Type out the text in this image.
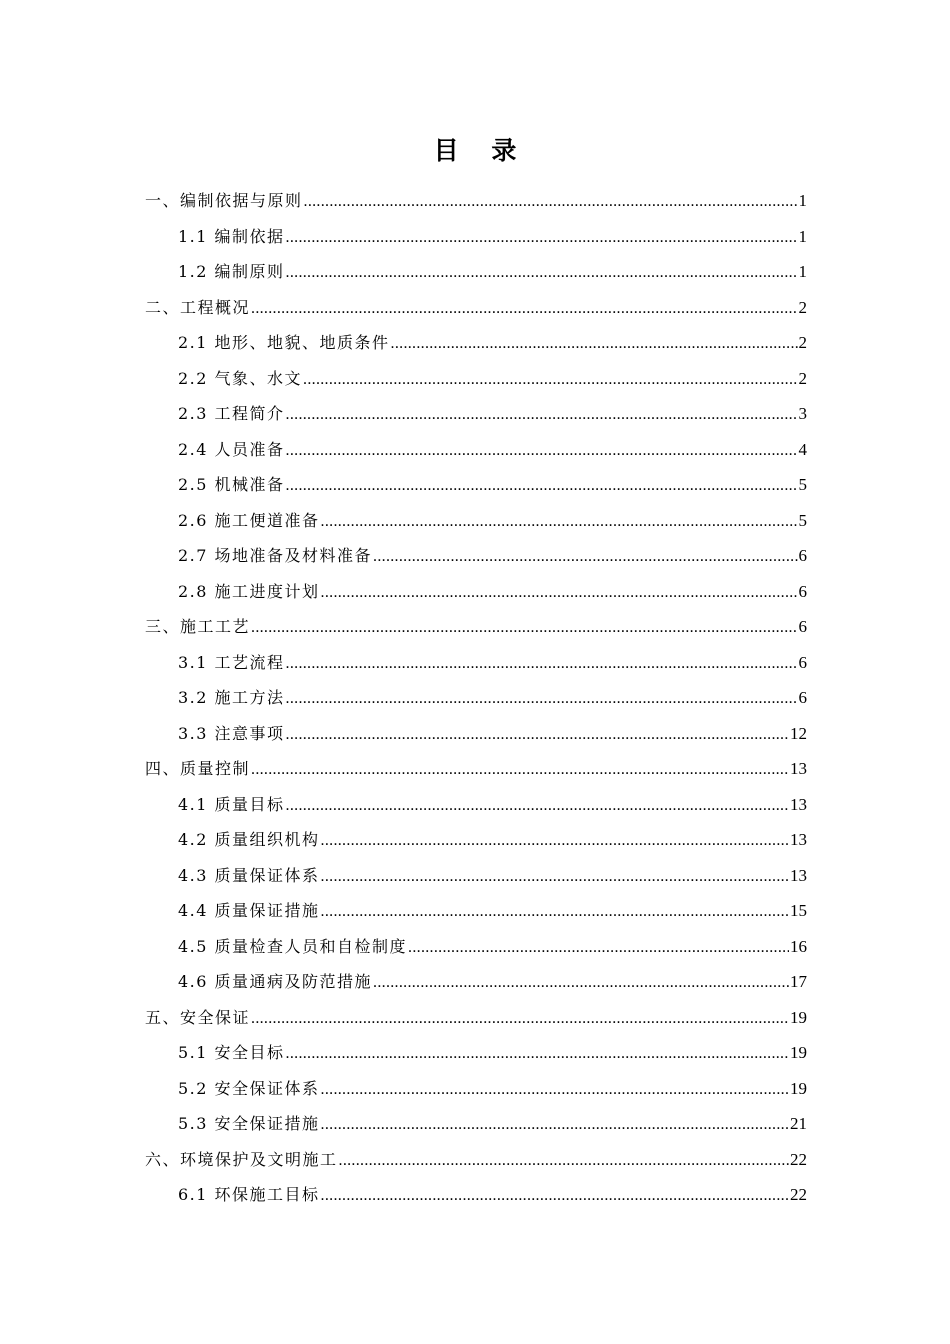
目 录
一、编制依据与原则 .....	1
1.1 编制依据 .....	1
1.2 编制原则 .....	1
二、工程概况 .....	2
2.1 地形、地貌、地质条件 .....	2
2.2 气象、水文 .....	2
2.3 工程简介 .....	3
2.4 人员准备 .....	4
2.5 机械准备 .....	5
2.6 施工便道准备 .....	5
2.7 场地准备及材料准备 .....	6
2.8 施工进度计划 .....	6
三、施工工艺 .....	6
3.1 工艺流程 .....	6
3.2 施工方法 .....	6
3.3 注意事项 .....	12
四、质量控制 .....	13
4.1 质量目标 .....	13
4.2 质量组织机构 .....	13
4.3 质量保证体系 .....	13
4.4 质量保证措施 .....	15
4.5 质量检查人员和自检制度 .....	16
4.6 质量通病及防范措施 .....	17
五、安全保证 .....	19
5.1 安全目标 .....	19
5.2 安全保证体系 .....	19
5.3 安全保证措施 .....	21
六、环境保护及文明施工 .....	22
6.1 环保施工目标 .....	22
